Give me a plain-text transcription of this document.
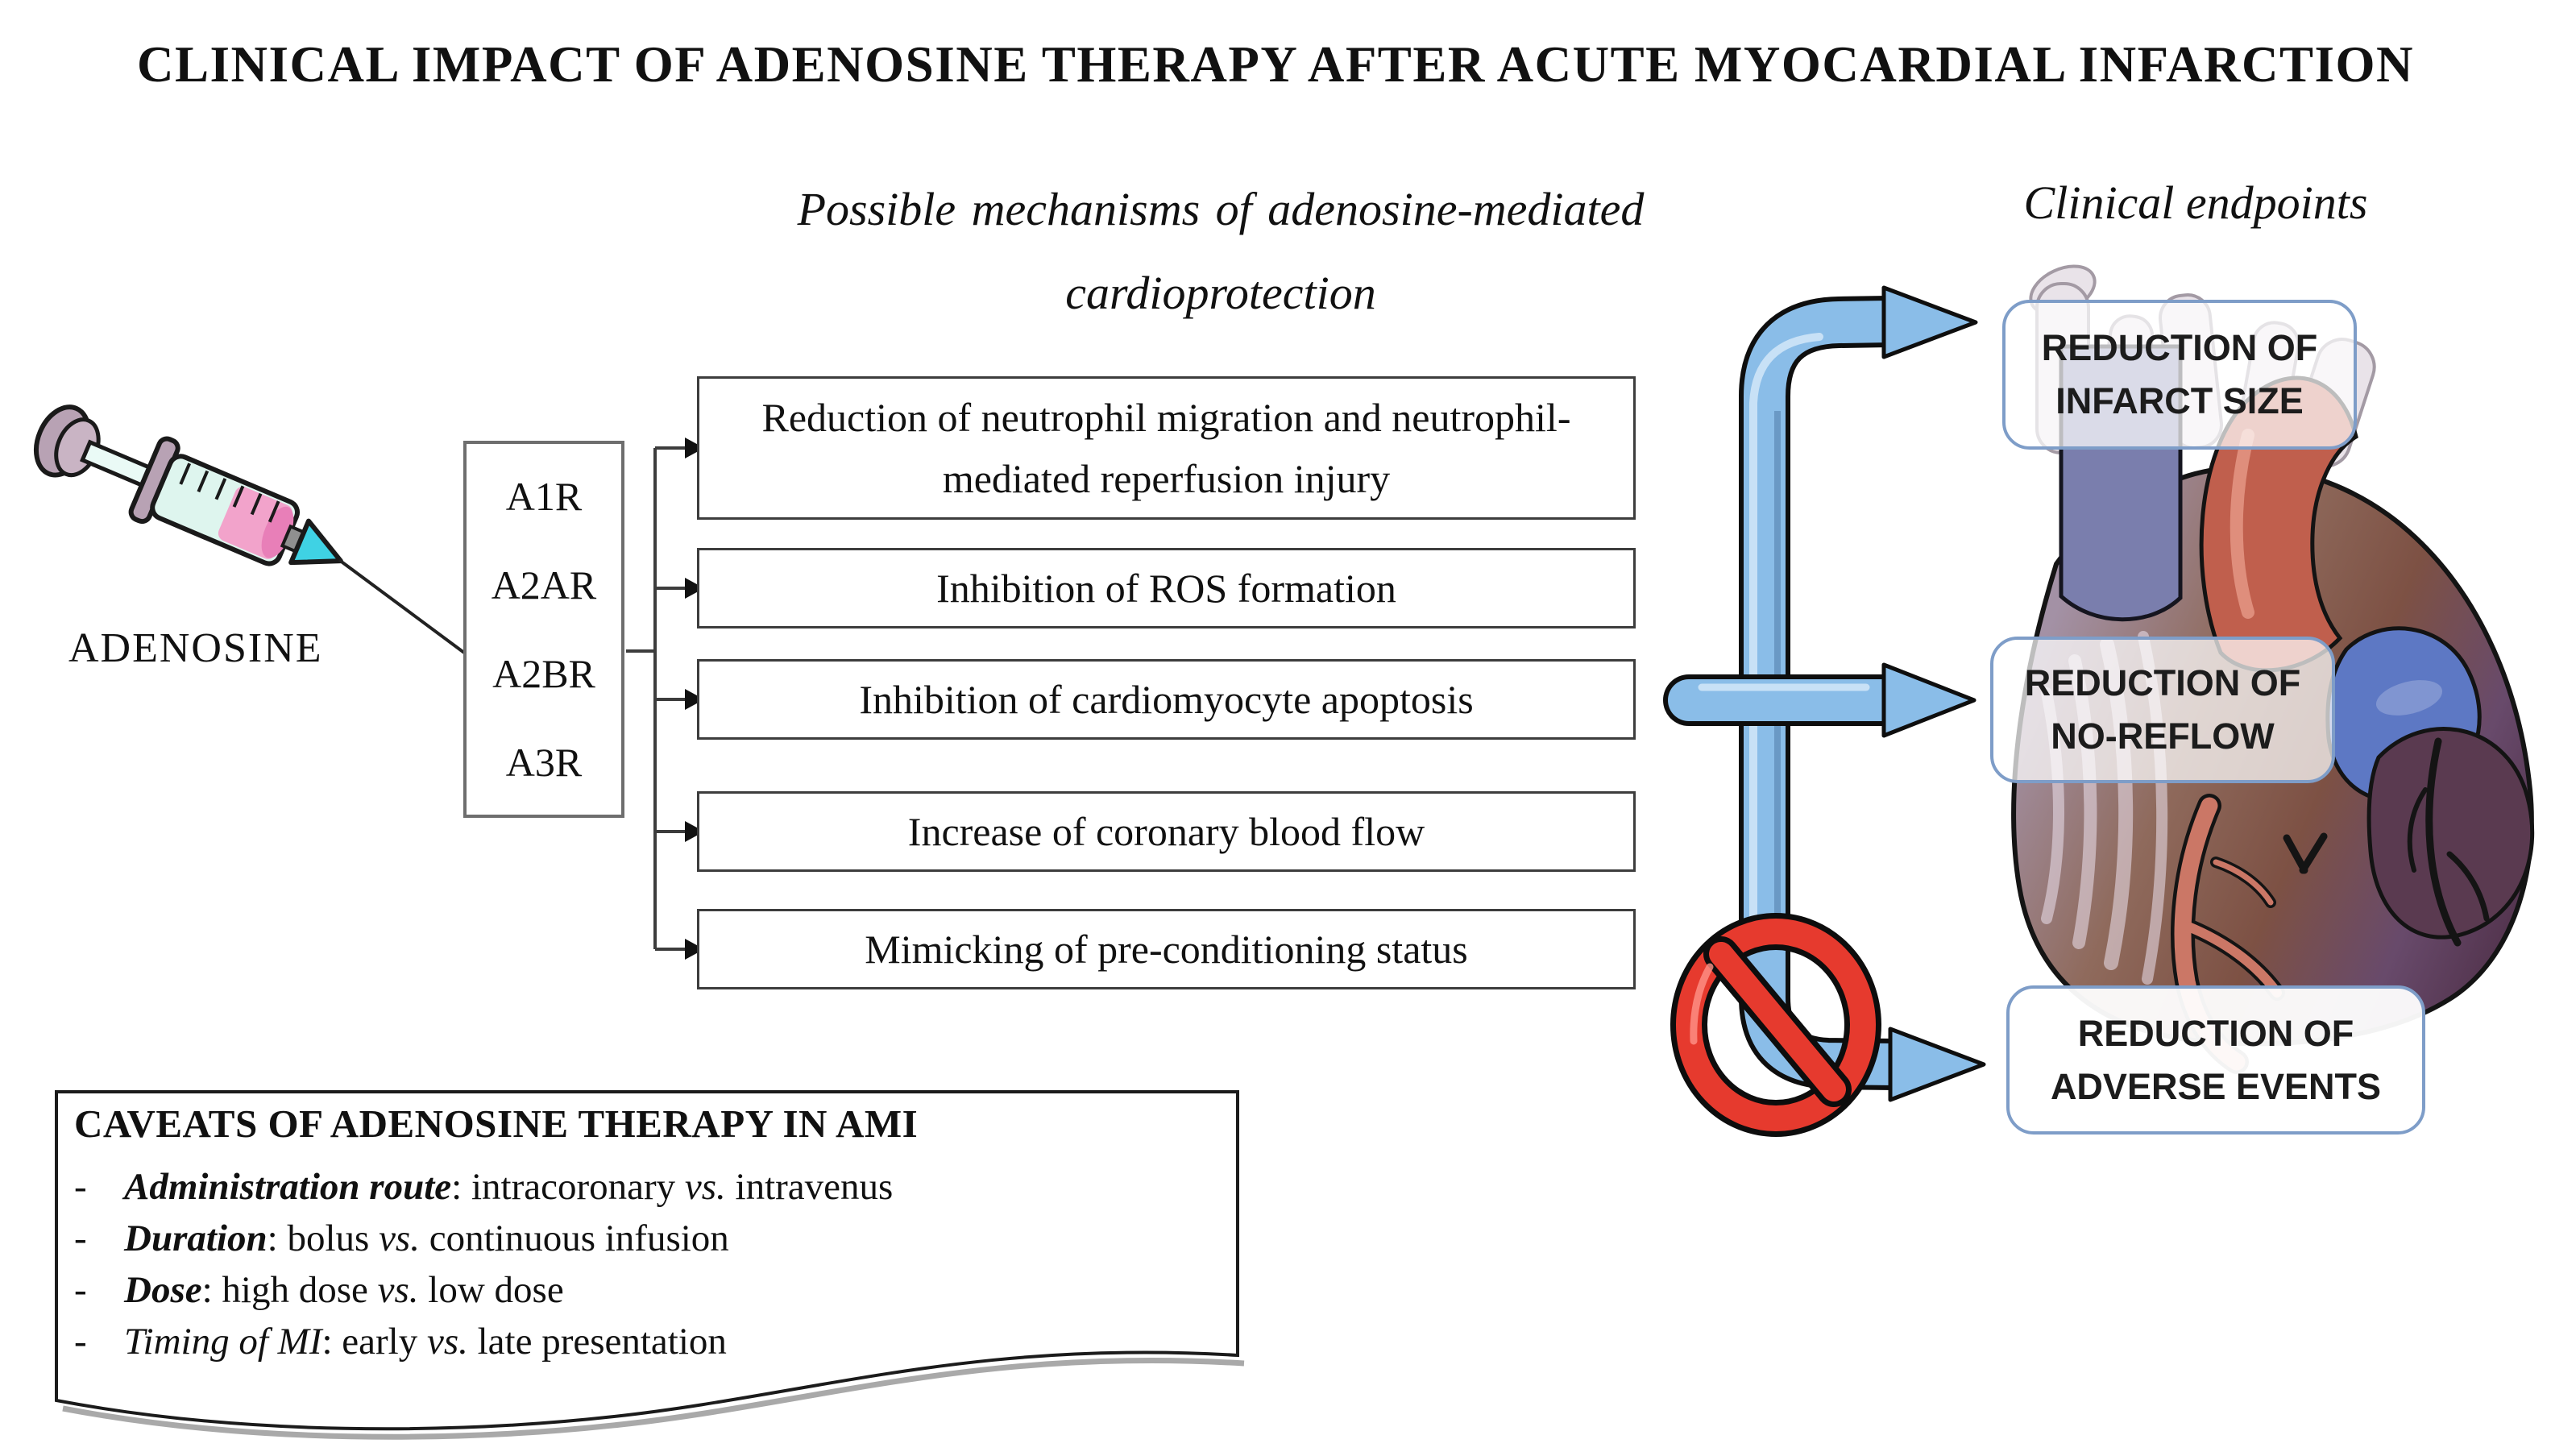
CLINICAL IMPACT OF ADENOSINE THERAPY AFTER ACUTE MYOCARDIAL INFARCTION
Possible mechanisms of adenosine-mediated
cardioprotection
Clinical endpoints
ADENOSINE
A1R
A2AR
A2BR
A3R
Reduction of neutrophil migration and neutrophil-mediated reperfusion injury
Inhibition of ROS formation
Inhibition of cardiomyocyte apoptosis
Increase of coronary blood flow
Mimicking of pre-conditioning status
REDUCTION OF INFARCT SIZE
REDUCTION OF NO-REFLOW
REDUCTION OF ADVERSE EVENTS
CAVEATS OF ADENOSINE THERAPY IN AMI
- Administration route: intracoronary vs. intravenus
- Duration: bolus vs. continuous infusion
- Dose: high dose vs. low dose
- Timing of MI: early vs. late presentation
